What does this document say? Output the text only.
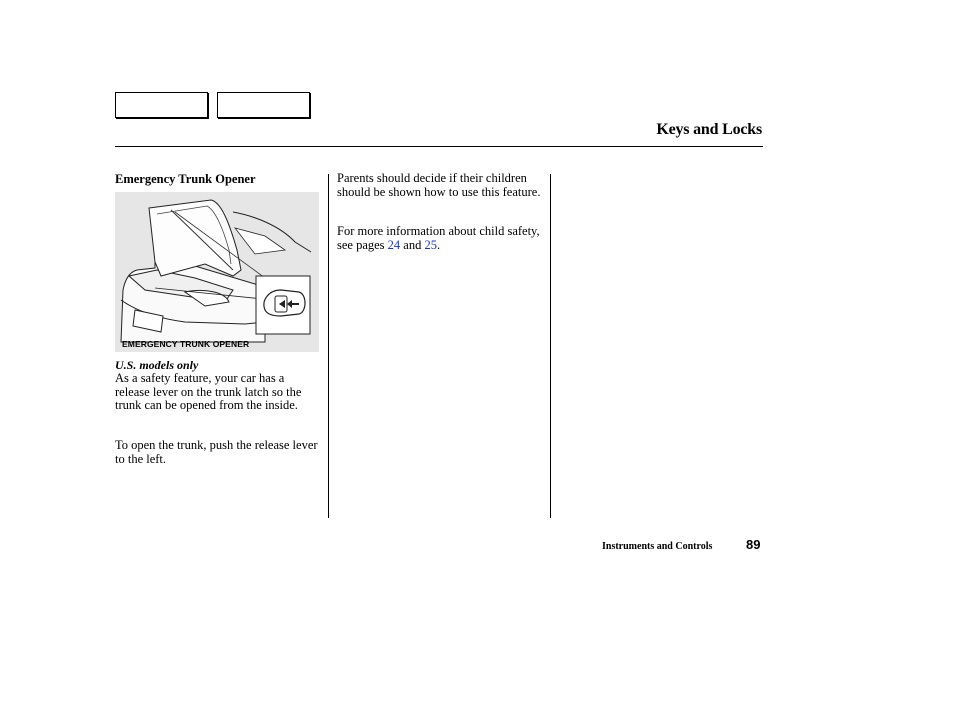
Keys and Locks
Emergency Trunk Opener
EMERGENCY TRUNK OPENER
U.S. models only
As a safety feature, your car has a release lever on the trunk latch so the trunk can be opened from the inside.
To open the trunk, push the release lever to the left.
Parents should decide if their children should be shown how to use this feature.
For more information about child safety, see pages 24 and 25.
Instruments and Controls	89
